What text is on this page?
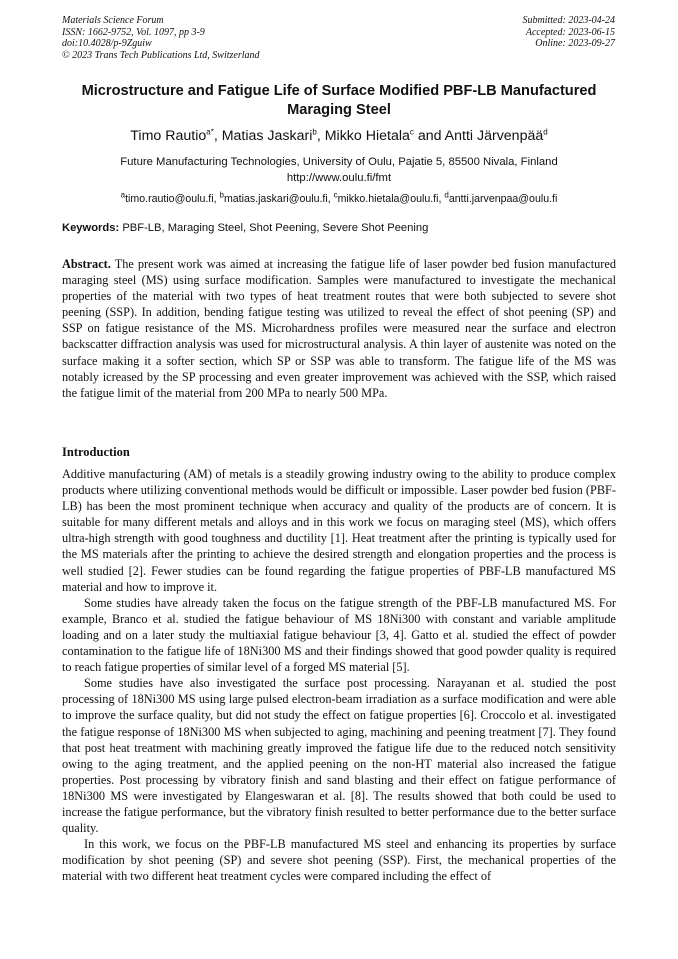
Materials Science Forum
ISSN: 1662-9752, Vol. 1097, pp 3-9
doi:10.4028/p-9Zguiw
© 2023 Trans Tech Publications Ltd, Switzerland
Submitted: 2023-04-24
Accepted: 2023-06-15
Online: 2023-09-27
Microstructure and Fatigue Life of Surface Modified PBF-LB Manufactured Maraging Steel
Timo Rautio$^{a*}$, Matias Jaskari$^b$, Mikko Hietala$^c$ and Antti Järvenpää$^d$
Future Manufacturing Technologies, University of Oulu, Pajatie 5, 85500 Nivala, Finland
http://www.oulu.fi/fmt
$^a$timo.rautio@oulu.fi, $^b$matias.jaskari@oulu.fi, $^c$mikko.hietala@oulu.fi, $^d$antti.jarvenpaa@oulu.fi
Keywords: PBF-LB, Maraging Steel, Shot Peening, Severe Shot Peening
Abstract. The present work was aimed at increasing the fatigue life of laser powder bed fusion manufactured maraging steel (MS) using surface modification. Samples were manufactured to investigate the mechanical properties of the material with two types of heat treatment routes that were both subjected to severe shot peening (SSP). In addition, bending fatigue testing was utilized to reveal the effect of shot peening (SP) and SSP on fatigue resistance of the MS. Microhardness profiles were measured near the surface and electron backscatter diffraction analysis was used for microstructural analysis. A thin layer of austenite was noted on the surface making it a softer section, which SP or SSP was able to transform. The fatigue life of the MS was notably icreased by the SP processing and even greater improvement was achieved with the SSP, which raised the fatigue limit of the material from 200 MPa to nearly 500 MPa.
Introduction

Additive manufacturing (AM) of metals is a steadily growing industry owing to the ability to produce complex products where utilizing conventional methods would be difficult or impossible. Laser powder bed fusion (PBF-LB) has been the most prominent technique when accuracy and quality of the products are of concern. It is suitable for many different metals and alloys and in this work we focus on maraging steel (MS), which offers ultra-high strength with good toughness and ductility [1]. Heat treatment after the printing is typically used for the MS materials after the printing to achieve the desired strength and elongation properties and the process is well studied [2]. Fewer studies can be found regarding the fatigue properties of PBF-LB manufactured MS material and how to improve it.

Some studies have already taken the focus on the fatigue strength of the PBF-LB manufactured MS. For example, Branco et al. studied the fatigue behaviour of MS 18Ni300 with constant and variable amplitude loading and on a later study the multiaxial fatigue behaviour [3, 4]. Gatto et al. studied the effect of powder contamination to the fatigue life of 18Ni300 MS and their findings showed that good powder quality is required to reach fatigue properties of similar level of a forged MS material [5].

Some studies have also investigated the surface post processing. Narayanan et al. studied the post processing of 18Ni300 MS using large pulsed electron-beam irradiation as a surface modification and were able to improve the surface quality, but did not study the effect on fatigue properties [6]. Croccolo et al. investigated the fatigue response of 18Ni300 MS when subjected to aging, machining and peening treatment [7]. They found that post heat treatment with machining greatly improved the fatigue life due to the reduced notch sensitivity owing to the aging treatment, and the applied peening on the non-HT material also increased the fatigue properties. Post processing by vibratory finish and sand blasting and their effect on fatigue performance of 18Ni300 MS were investigated by Elangeswaran et al. [8]. The results showed that both could be used to increase the fatigue performance, but the vibratory finish resulted to better performance due to the better surface quality.

In this work, we focus on the PBF-LB manufactured MS steel and enhancing its properties by surface modification by shot peening (SP) and severe shot peening (SSP). First, the mechanical properties of the material with two different heat treatment cycles were compared including the effect of
